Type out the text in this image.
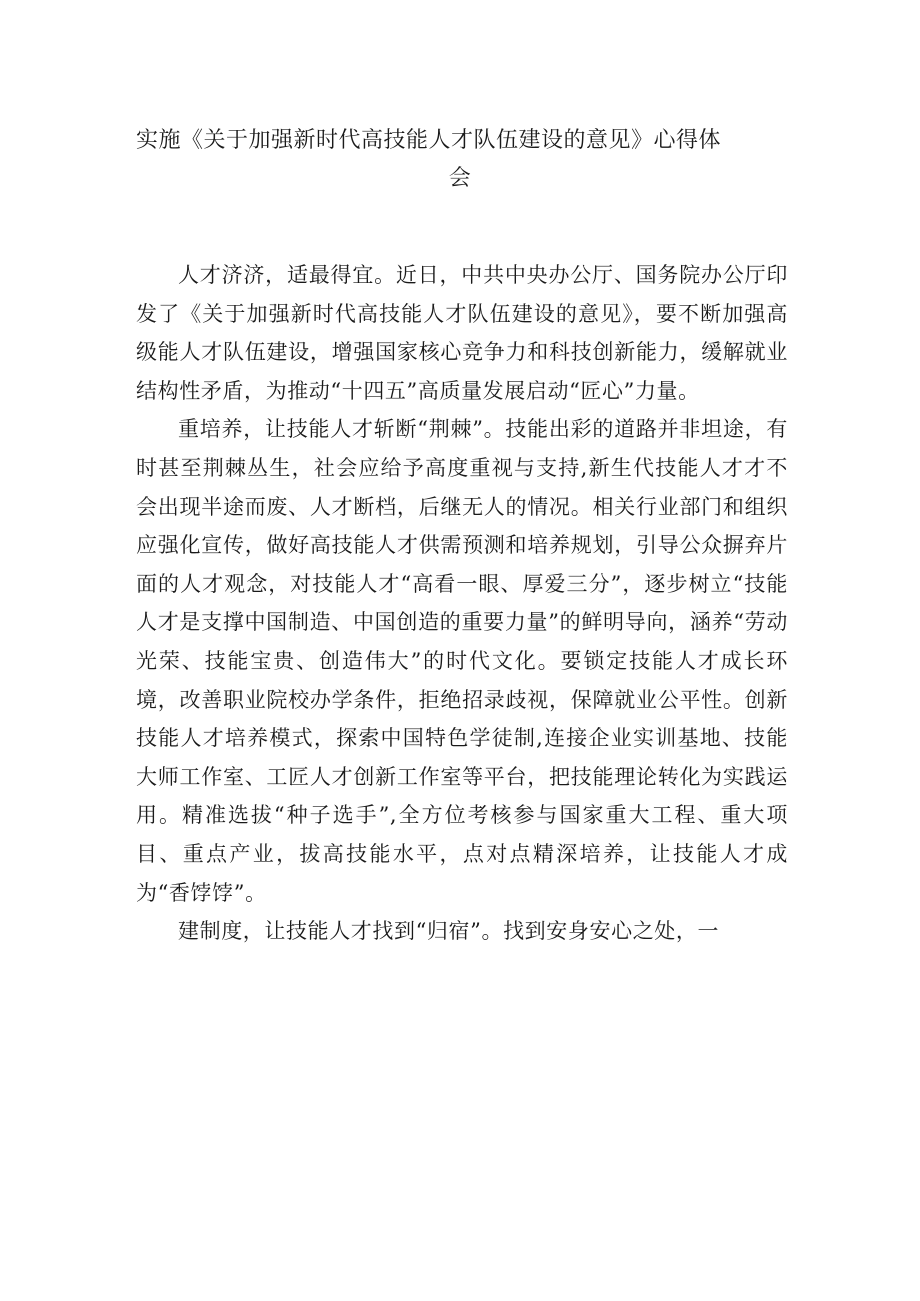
实施《关于加强新时代高技能人才队伍建设的意见》心得体
会

人才济济，适最得宜。近日，中共中央办公厅、国务院办公厅印发了《关于加强新时代高技能人才队伍建设的意见》，要不断加强高级能人才队伍建设，增强国家核心竞争力和科技创新能力，缓解就业结构性矛盾，为推动“十四五”高质量发展启动“匠心”力量。

重培养，让技能人才斩断“荆棘”。技能出彩的道路并非坦途，有时甚至荆棘丛生，社会应给予高度重视与支持,新生代技能人才才不会出现半途而废、人才断档，后继无人的情况。相关行业部门和组织应强化宣传，做好高技能人才供需预测和培养规划，引导公众摒弃片面的人才观念，对技能人才“高看一眼、厚爱三分”，逐步树立“技能人才是支撑中国制造、中国创造的重要力量”的鲜明导向，涵养“劳动光荣、技能宝贵、创造伟大”的时代文化。要锁定技能人才成长环境，改善职业院校办学条件，拒绝招录歧视，保障就业公平性。创新技能人才培养模式，探索中国特色学徒制,连接企业实训基地、技能大师工作室、工匠人才创新工作室等平台，把技能理论转化为实践运用。精准选拔“种子选手”,全方位考核参与国家重大工程、重大项目、重点产业，拔高技能水平，点对点精深培养，让技能人才成为“香饽饽”。

建制度，让技能人才找到“归宿”。找到安身安心之处，一
